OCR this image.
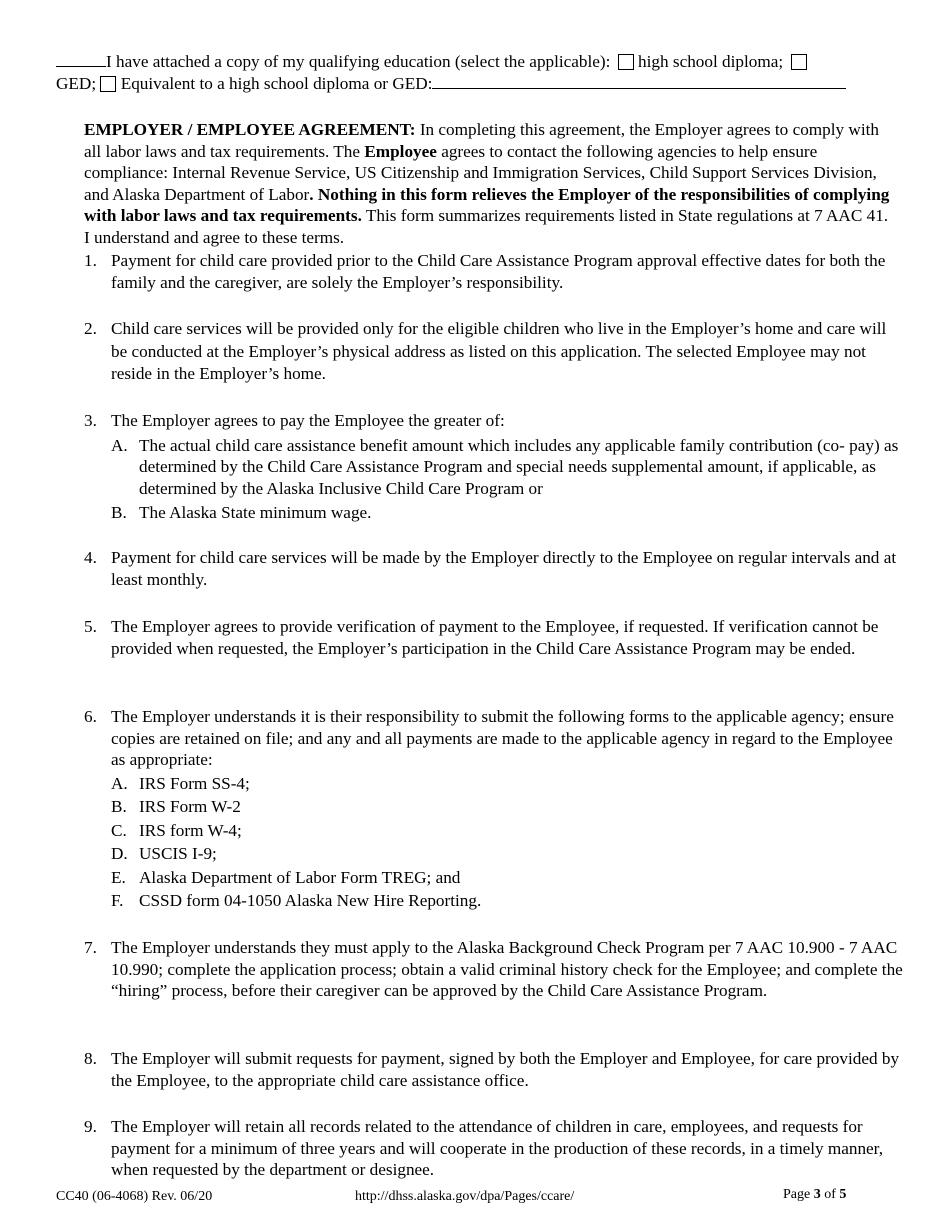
I have attached a copy of my qualifying education (select the applicable): high school diploma;
GED; Equivalent to a high school diploma or GED:
EMPLOYER / EMPLOYEE AGREEMENT: In completing this agreement, the Employer agrees to comply with all labor laws and tax requirements. The Employee agrees to contact the following agencies to help ensure compliance: Internal Revenue Service, US Citizenship and Immigration Services, Child Support Services Division, and Alaska Department of Labor. Nothing in this form relieves the Employer of the responsibilities of complying with labor laws and tax requirements. This form summarizes requirements listed in State regulations at 7 AAC 41. I understand and agree to these terms.
1. Payment for child care provided prior to the Child Care Assistance Program approval effective dates for both the family and the caregiver, are solely the Employer’s responsibility.
2. Child care services will be provided only for the eligible children who live in the Employer’s home and care will be conducted at the Employer’s physical address as listed on this application. The selected Employee may not reside in the Employer’s home.
3. The Employer agrees to pay the Employee the greater of:
A. The actual child care assistance benefit amount which includes any applicable family contribution (co- pay) as determined by the Child Care Assistance Program and special needs supplemental amount, if applicable, as determined by the Alaska Inclusive Child Care Program or
B. The Alaska State minimum wage.
4. Payment for child care services will be made by the Employer directly to the Employee on regular intervals and at least monthly.
5. The Employer agrees to provide verification of payment to the Employee, if requested. If verification cannot be provided when requested, the Employer’s participation in the Child Care Assistance Program may be ended.
6. The Employer understands it is their responsibility to submit the following forms to the applicable agency; ensure copies are retained on file; and any and all payments are made to the applicable agency in regard to the Employee as appropriate:
A. IRS Form SS-4;
B. IRS Form W-2
C. IRS form W-4;
D. USCIS I-9;
E. Alaska Department of Labor Form TREG; and
F. CSSD form 04-1050 Alaska New Hire Reporting.
7. The Employer understands they must apply to the Alaska Background Check Program per 7 AAC 10.900 - 7 AAC 10.990; complete the application process; obtain a valid criminal history check for the Employee; and complete the “hiring” process, before their caregiver can be approved by the Child Care Assistance Program.
8. The Employer will submit requests for payment, signed by both the Employer and Employee, for care provided by the Employee, to the appropriate child care assistance office.
9. The Employer will retain all records related to the attendance of children in care, employees, and requests for payment for a minimum of three years and will cooperate in the production of these records, in a timely manner, when requested by the department or designee.
CC40 (06-4068) Rev. 06/20	http://dhss.alaska.gov/dpa/Pages/ccare/	Page 3 of 5
